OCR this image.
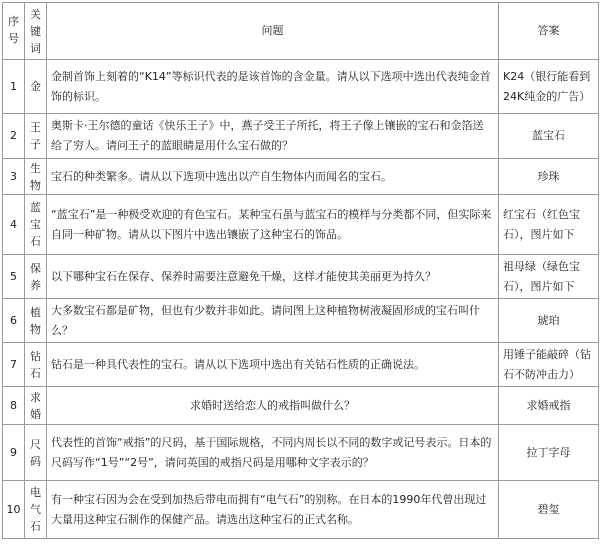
序号	关键词	问题	答案
1	金	金制首饰上刻着的“K14”等标识代表的是该首饰的含金量。请从以下选项中选出代表纯金首饰的标识。	K24（银行能看到24K纯金的广告）
2	王子	奥斯卡·王尔德的童话《快乐王子》中，燕子受王子所托，将王子像上镶嵌的宝石和金箔送给了穷人。请问王子的蓝眼睛是用什么宝石做的？	蓝宝石
3	生物	宝石的种类繁多。请从以下选项中选出以产自生物体内而闻名的宝石。	珍珠
4	蓝宝石	“蓝宝石”是一种极受欢迎的有色宝石。某种宝石虽与蓝宝石的模样与分类都不同，但实际来自同一种矿物。请从以下图片中选出镶嵌了这种宝石的饰品。	红宝石（红色宝石），图片如下
5	保养	以下哪种宝石在保存、保养时需要注意避免干燥，这样才能使其美丽更为持久？	祖母绿（绿色宝石），图片如下
6	植物	大多数宝石都是矿物，但也有少数并非如此。请问图上这种植物树液凝固形成的宝石叫什么？	琥珀
7	钻石	钻石是一种具代表性的宝石。请从以下选项中选出有关钻石性质的正确说法。	用锤子能敲碎（钻石不防冲击力）
8	求婚	求婚时送给恋人的戒指叫做什么？	求婚戒指
9	尺码	代表性的首饰“戒指”的尺码，基于国际规格，不同内周长以不同的数字或记号表示。日本的尺码写作“1号”“2号”，请问英国的戒指尺码是用哪种文字表示的？	拉丁字母
10	电气石	有一种宝石因为会在受到加热后带电而拥有“电气石”的别称。在日本的1990年代曾出现过大量用这种宝石制作的保健产品。请选出这种宝石的正式名称。	碧玺
